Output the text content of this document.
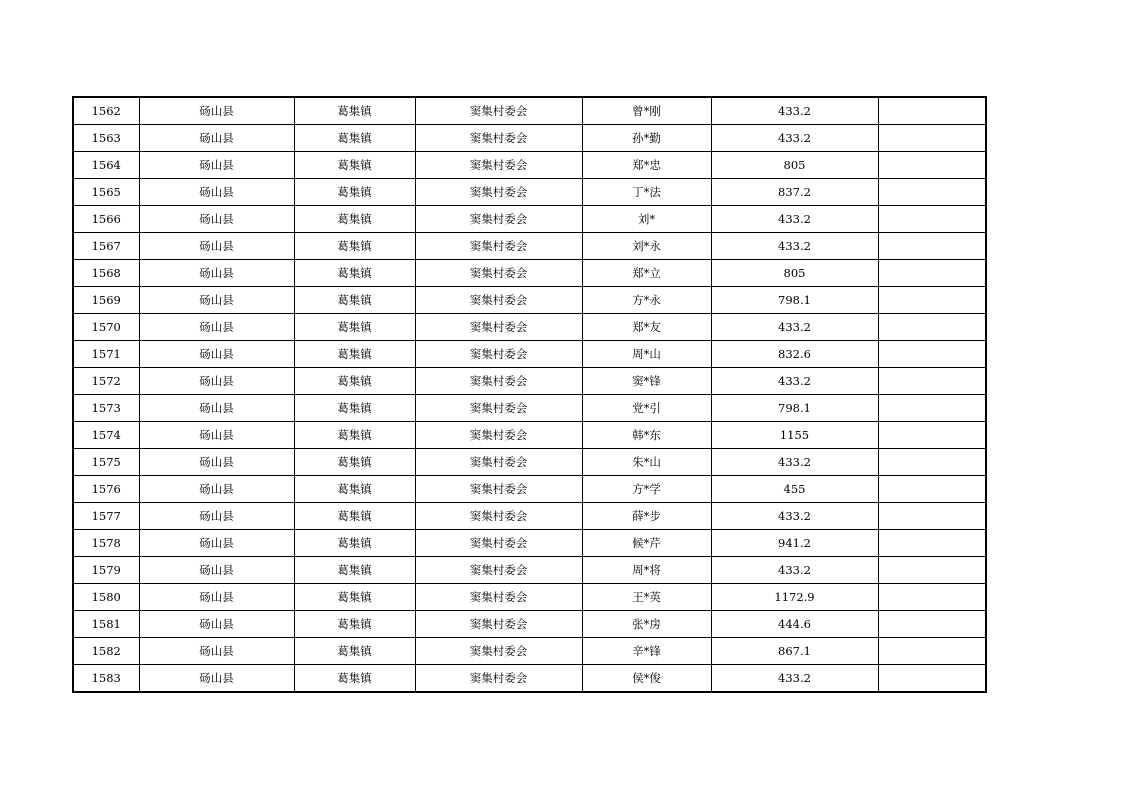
1562	砀山县	葛集镇	窦集村委会	曾*刚	433.2	
1563	砀山县	葛集镇	窦集村委会	孙*勤	433.2	
1564	砀山县	葛集镇	窦集村委会	郑*忠	805	
1565	砀山县	葛集镇	窦集村委会	丁*法	837.2	
1566	砀山县	葛集镇	窦集村委会	刘*	433.2	
1567	砀山县	葛集镇	窦集村委会	刘*永	433.2	
1568	砀山县	葛集镇	窦集村委会	郑*立	805	
1569	砀山县	葛集镇	窦集村委会	方*永	798.1	
1570	砀山县	葛集镇	窦集村委会	郑*友	433.2	
1571	砀山县	葛集镇	窦集村委会	周*山	832.6	
1572	砀山县	葛集镇	窦集村委会	窦*锋	433.2	
1573	砀山县	葛集镇	窦集村委会	党*引	798.1	
1574	砀山县	葛集镇	窦集村委会	韩*东	1155	
1575	砀山县	葛集镇	窦集村委会	朱*山	433.2	
1576	砀山县	葛集镇	窦集村委会	方*学	455	
1577	砀山县	葛集镇	窦集村委会	薛*步	433.2	
1578	砀山县	葛集镇	窦集村委会	候*芹	941.2	
1579	砀山县	葛集镇	窦集村委会	周*将	433.2	
1580	砀山县	葛集镇	窦集村委会	王*英	1172.9	
1581	砀山县	葛集镇	窦集村委会	张*房	444.6	
1582	砀山县	葛集镇	窦集村委会	辛*锋	867.1	
1583	砀山县	葛集镇	窦集村委会	侯*俊	433.2	
